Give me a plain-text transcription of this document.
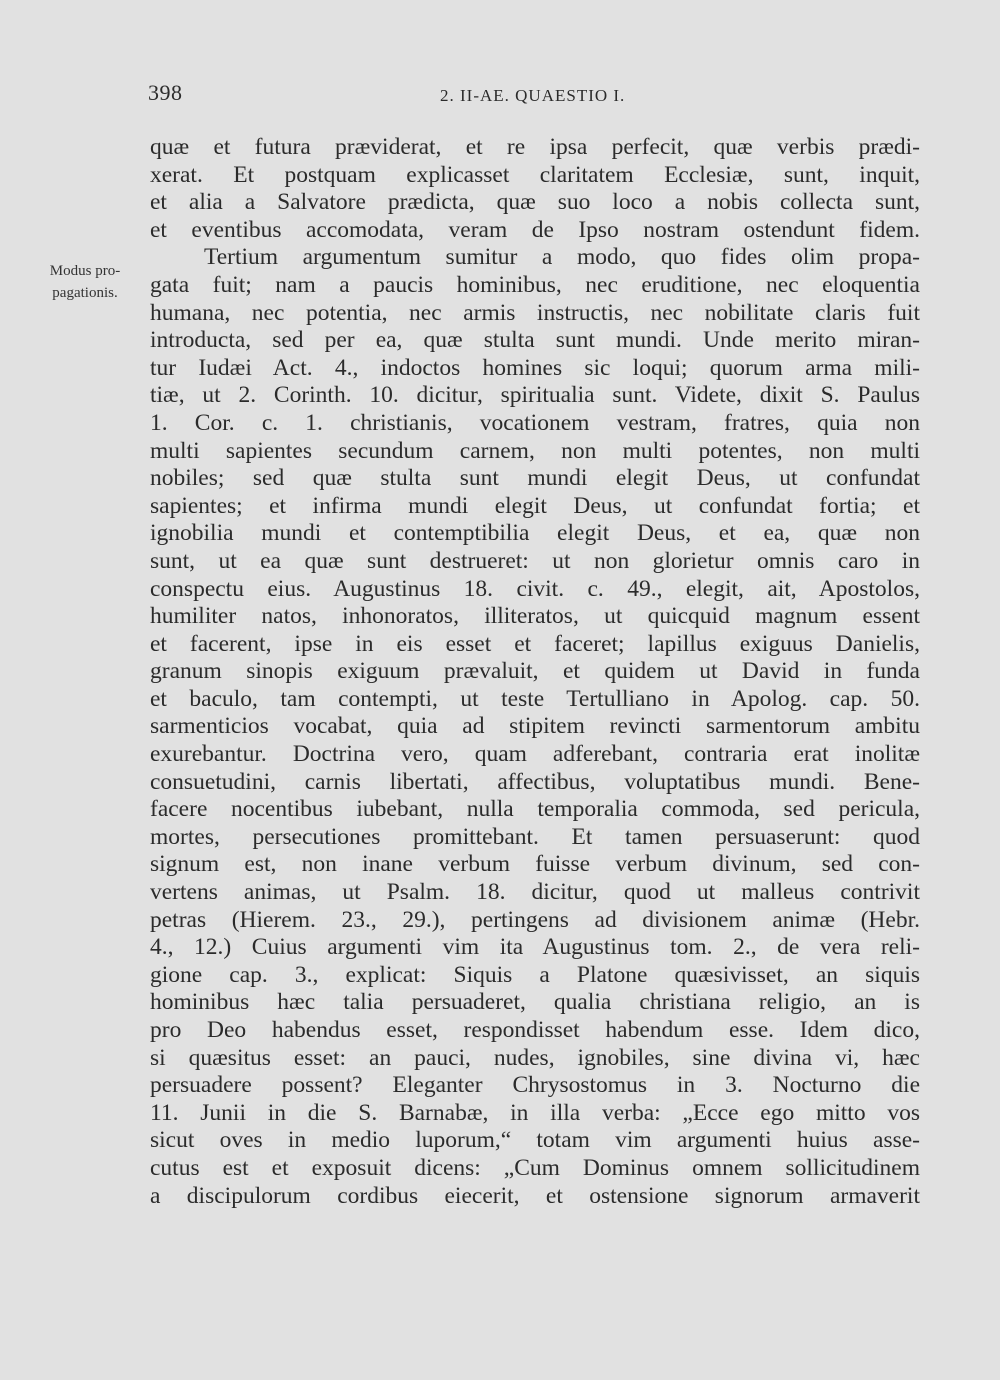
398	2. II-AE. QUAESTIO I.
Modus pro-
pagationis.
quæ et futura præviderat, et re ipsa perfecit, quæ verbis prædi-
xerat. Et postquam explicasset claritatem Ecclesiæ, sunt, inquit,
et alia a Salvatore prædicta, quæ suo loco a nobis collecta sunt,
et eventibus accomodata, veram de Ipso nostram ostendunt fidem.
Tertium argumentum sumitur a modo, quo fides olim propa-
gata fuit; nam a paucis hominibus, nec eruditione, nec eloquentia
humana, nec potentia, nec armis instructis, nec nobilitate claris fuit
introducta, sed per ea, quæ stulta sunt mundi. Unde merito miran-
tur Iudæi Act. 4., indoctos homines sic loqui; quorum arma mili-
tiæ, ut 2. Corinth. 10. dicitur, spiritualia sunt. Videte, dixit S. Paulus
1. Cor. c. 1. christianis, vocationem vestram, fratres, quia non
multi sapientes secundum carnem, non multi potentes, non multi
nobiles; sed quæ stulta sunt mundi elegit Deus, ut confundat
sapientes; et infirma mundi elegit Deus, ut confundat fortia; et
ignobilia mundi et contemptibilia elegit Deus, et ea, quæ non
sunt, ut ea quæ sunt destrueret: ut non glorietur omnis caro in
conspectu eius. Augustinus 18. civit. c. 49., elegit, ait, Apostolos,
humiliter natos, inhonoratos, illiteratos, ut quicquid magnum essent
et facerent, ipse in eis esset et faceret; lapillus exiguus Danielis,
granum sinopis exiguum prævaluit, et quidem ut David in funda
et baculo, tam contempti, ut teste Tertulliano in Apolog. cap. 50.
sarmenticios vocabat, quia ad stipitem revincti sarmentorum ambitu
exurebantur. Doctrina vero, quam adferebant, contraria erat inolitæ
consuetudini, carnis libertati, affectibus, voluptatibus mundi. Bene-
facere nocentibus iubebant, nulla temporalia commoda, sed pericula,
mortes, persecutiones promittebant. Et tamen persuaserunt: quod
signum est, non inane verbum fuisse verbum divinum, sed con-
vertens animas, ut Psalm. 18. dicitur, quod ut malleus contrivit
petras (Hierem. 23., 29.), pertingens ad divisionem animæ (Hebr.
4., 12.) Cuius argumenti vim ita Augustinus tom. 2., de vera reli-
gione cap. 3., explicat: Siquis a Platone quæsivisset, an siquis
hominibus hæc talia persuaderet, qualia christiana religio, an is
pro Deo habendus esset, respondisset habendum esse. Idem dico,
si quæsitus esset: an pauci, nudes, ignobiles, sine divina vi, hæc
persuadere possent? Eleganter Chrysostomus in 3. Nocturno die
11. Junii in die S. Barnabæ, in illa verba: „Ecce ego mitto vos
sicut oves in medio luporum,“ totam vim argumenti huius asse-
cutus est et exposuit dicens: „Cum Dominus omnem sollicitudinem
a discipulorum cordibus eiecerit, et ostensione signorum armaverit
